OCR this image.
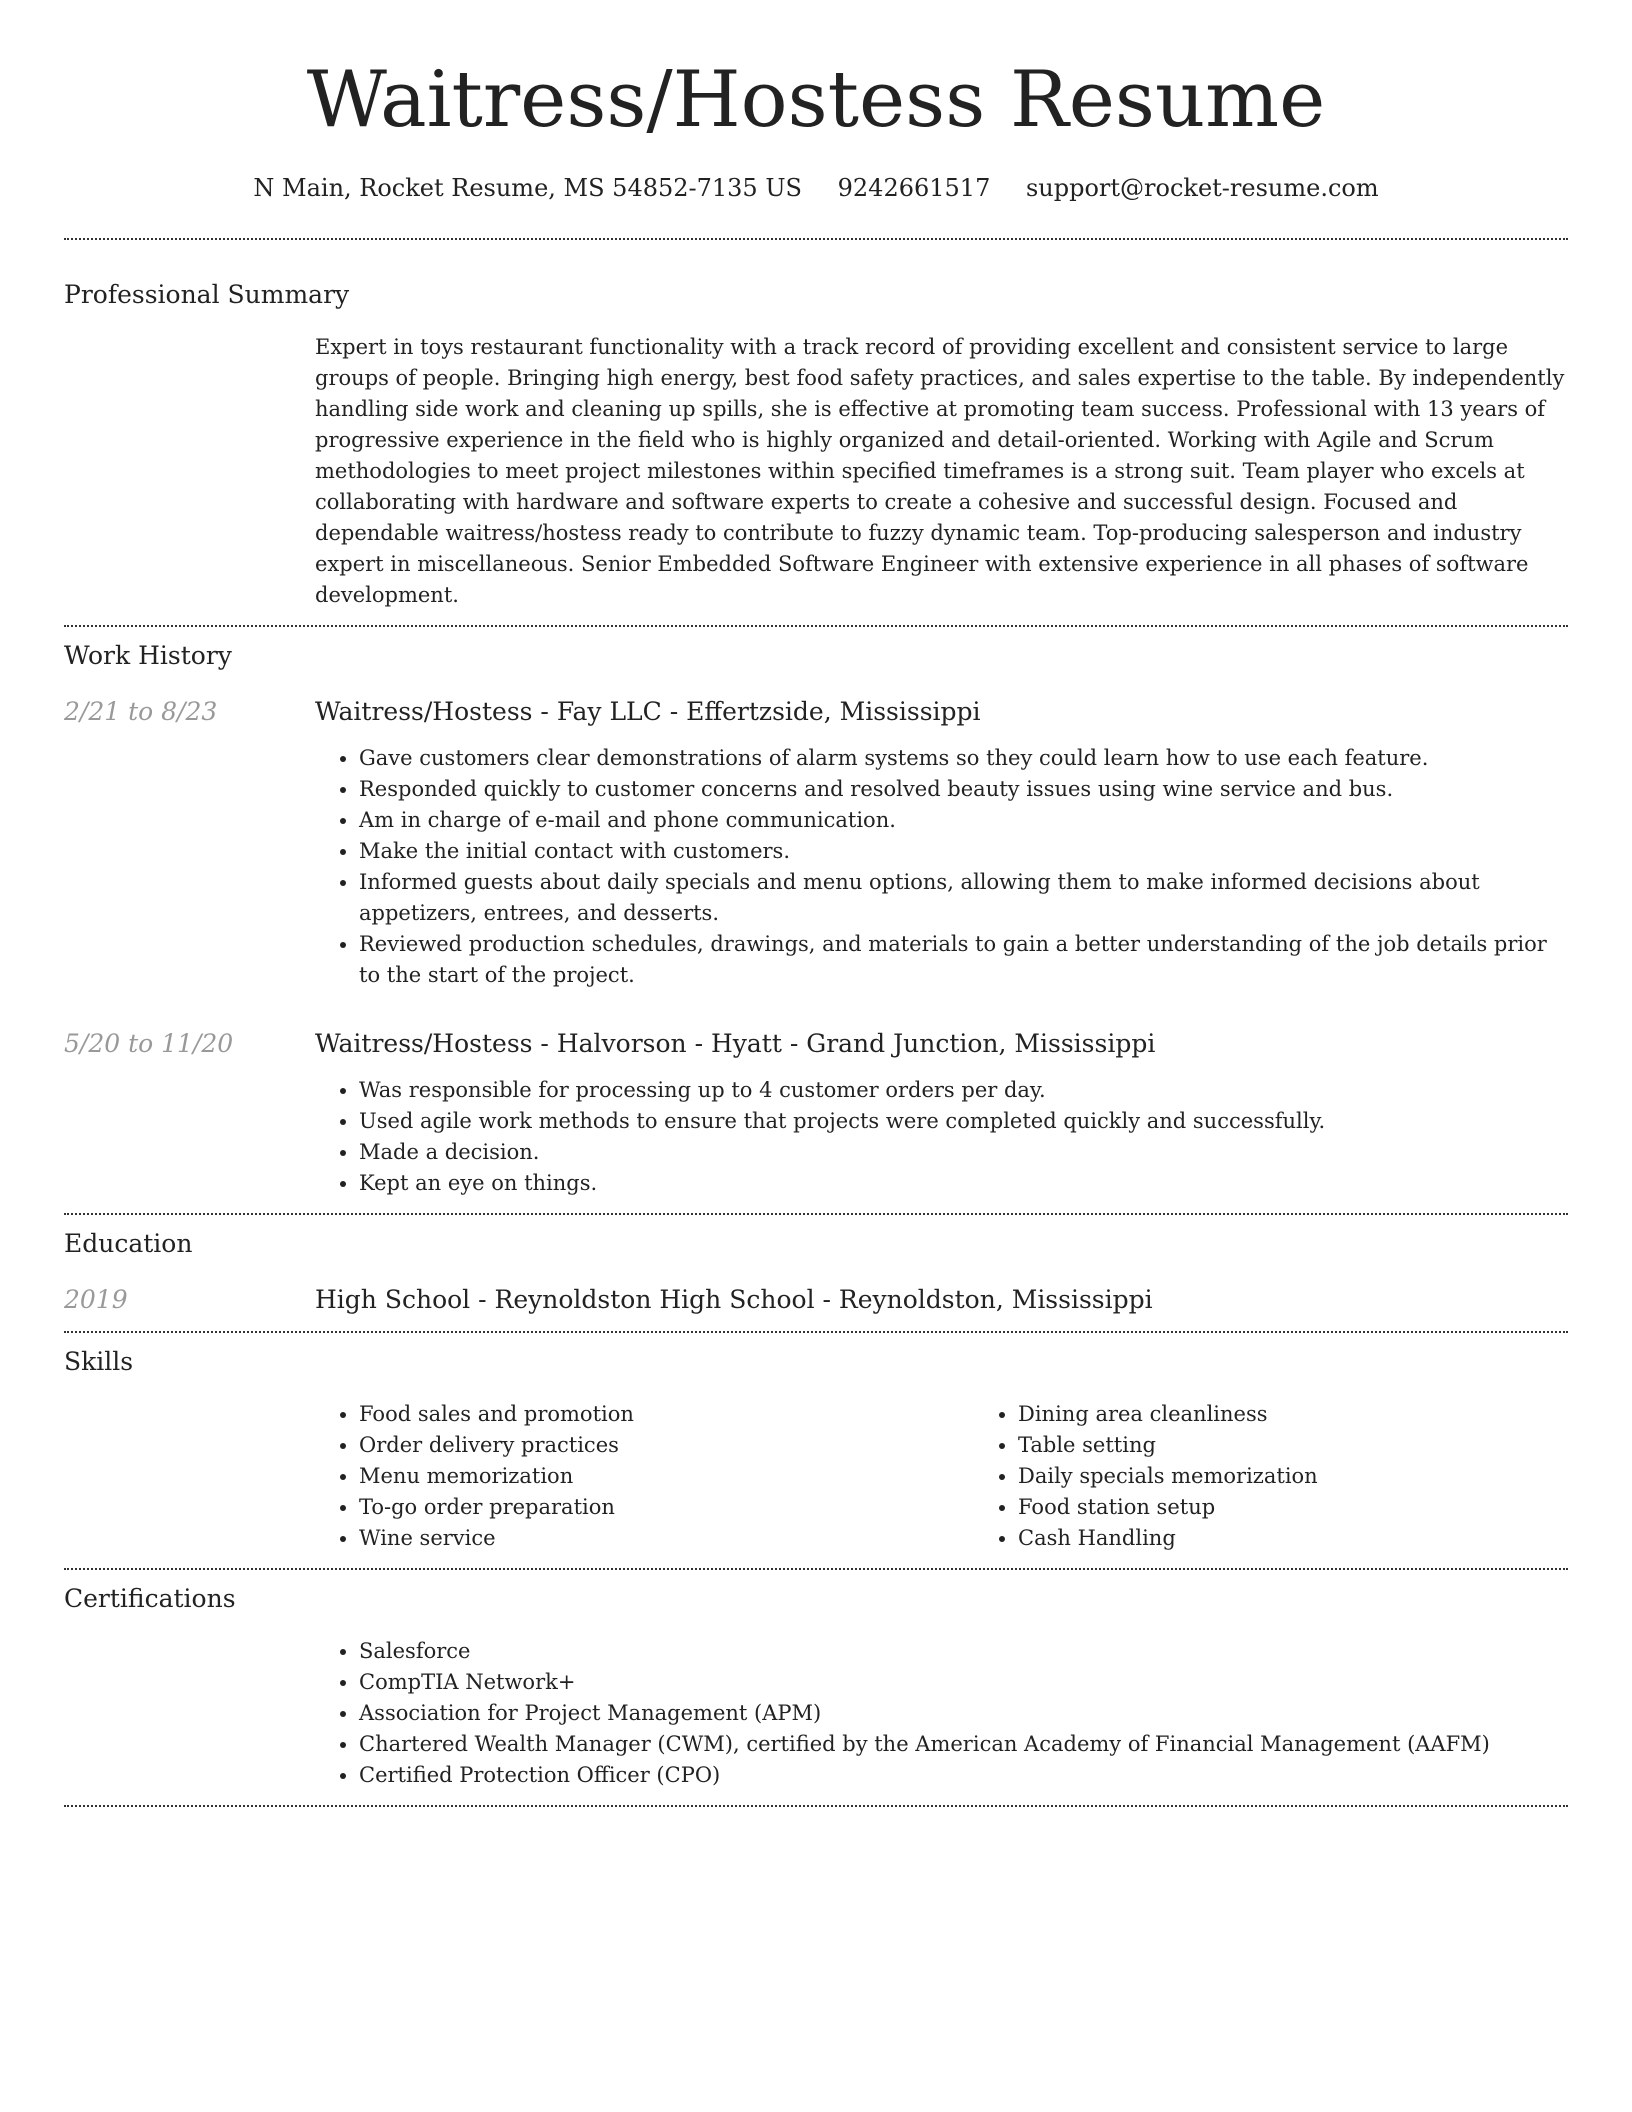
Waitress/Hostess Resume
N Main, Rocket Resume, MS 54852-7135 US 9242661517 support@rocket-resume.com
Professional Summary

Expert in toys restaurant functionality with a track record of providing excellent and consistent service to large groups of people. Bringing high energy, best food safety practices, and sales expertise to the table. By independently handling side work and cleaning up spills, she is effective at promoting team success. Professional with 13 years of progressive experience in the field who is highly organized and detail-oriented. Working with Agile and Scrum methodologies to meet project milestones within specified timeframes is a strong suit. Team player who excels at collaborating with hardware and software experts to create a cohesive and successful design. Focused and dependable waitress/hostess ready to contribute to fuzzy dynamic team. Top-producing salesperson and industry expert in miscellaneous. Senior Embedded Software Engineer with extensive experience in all phases of software development.

Work History
2/21 to 8/23	Waitress/Hostess - Fay LLC - Effertzside, Mississippi
• Gave customers clear demonstrations of alarm systems so they could learn how to use each feature.
• Responded quickly to customer concerns and resolved beauty issues using wine service and bus.
• Am in charge of e-mail and phone communication.
• Make the initial contact with customers.
• Informed guests about daily specials and menu options, allowing them to make informed decisions about appetizers, entrees, and desserts.
• Reviewed production schedules, drawings, and materials to gain a better understanding of the job details prior to the start of the project.
5/20 to 11/20	Waitress/Hostess - Halvorson - Hyatt - Grand Junction, Mississippi
• Was responsible for processing up to 4 customer orders per day.
• Used agile work methods to ensure that projects were completed quickly and successfully.
• Made a decision.
• Kept an eye on things.
Education
2019	High School - Reynoldston High School - Reynoldston, Mississippi
Skills
• Food sales and promotion
• Order delivery practices
• Menu memorization
• To-go order preparation
• Wine service
• Dining area cleanliness
• Table setting
• Daily specials memorization
• Food station setup
• Cash Handling
Certifications
• Salesforce
• CompTIA Network+
• Association for Project Management (APM)
• Chartered Wealth Manager (CWM), certified by the American Academy of Financial Management (AAFM)
• Certified Protection Officer (CPO)
